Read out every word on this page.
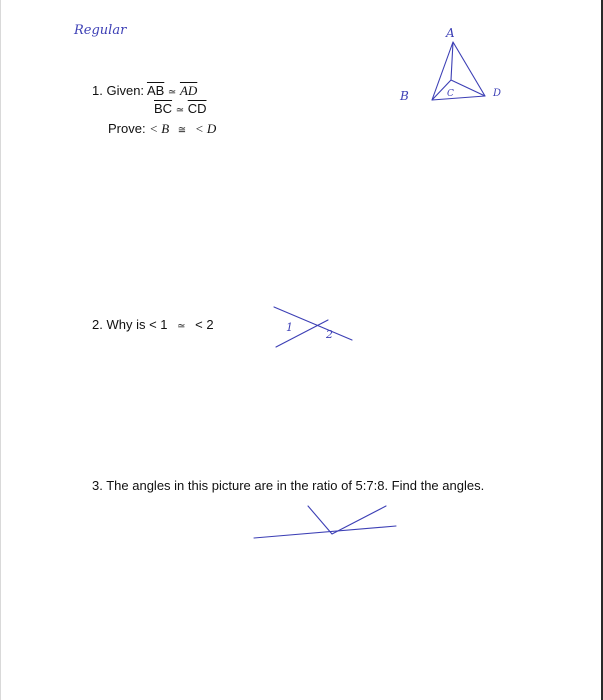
Regular
1. Given: $\overline{AB}$ ≃ $\overline{AD}$
$\overline{BC}$ ≃ $\overline{CD}$
Prove: < B ≅ < D
A
B	C	D
2. Why is < 1 ≃ < 2	1
2
3. The angles in this picture are in the ratio of 5:7:8. Find the angles.
